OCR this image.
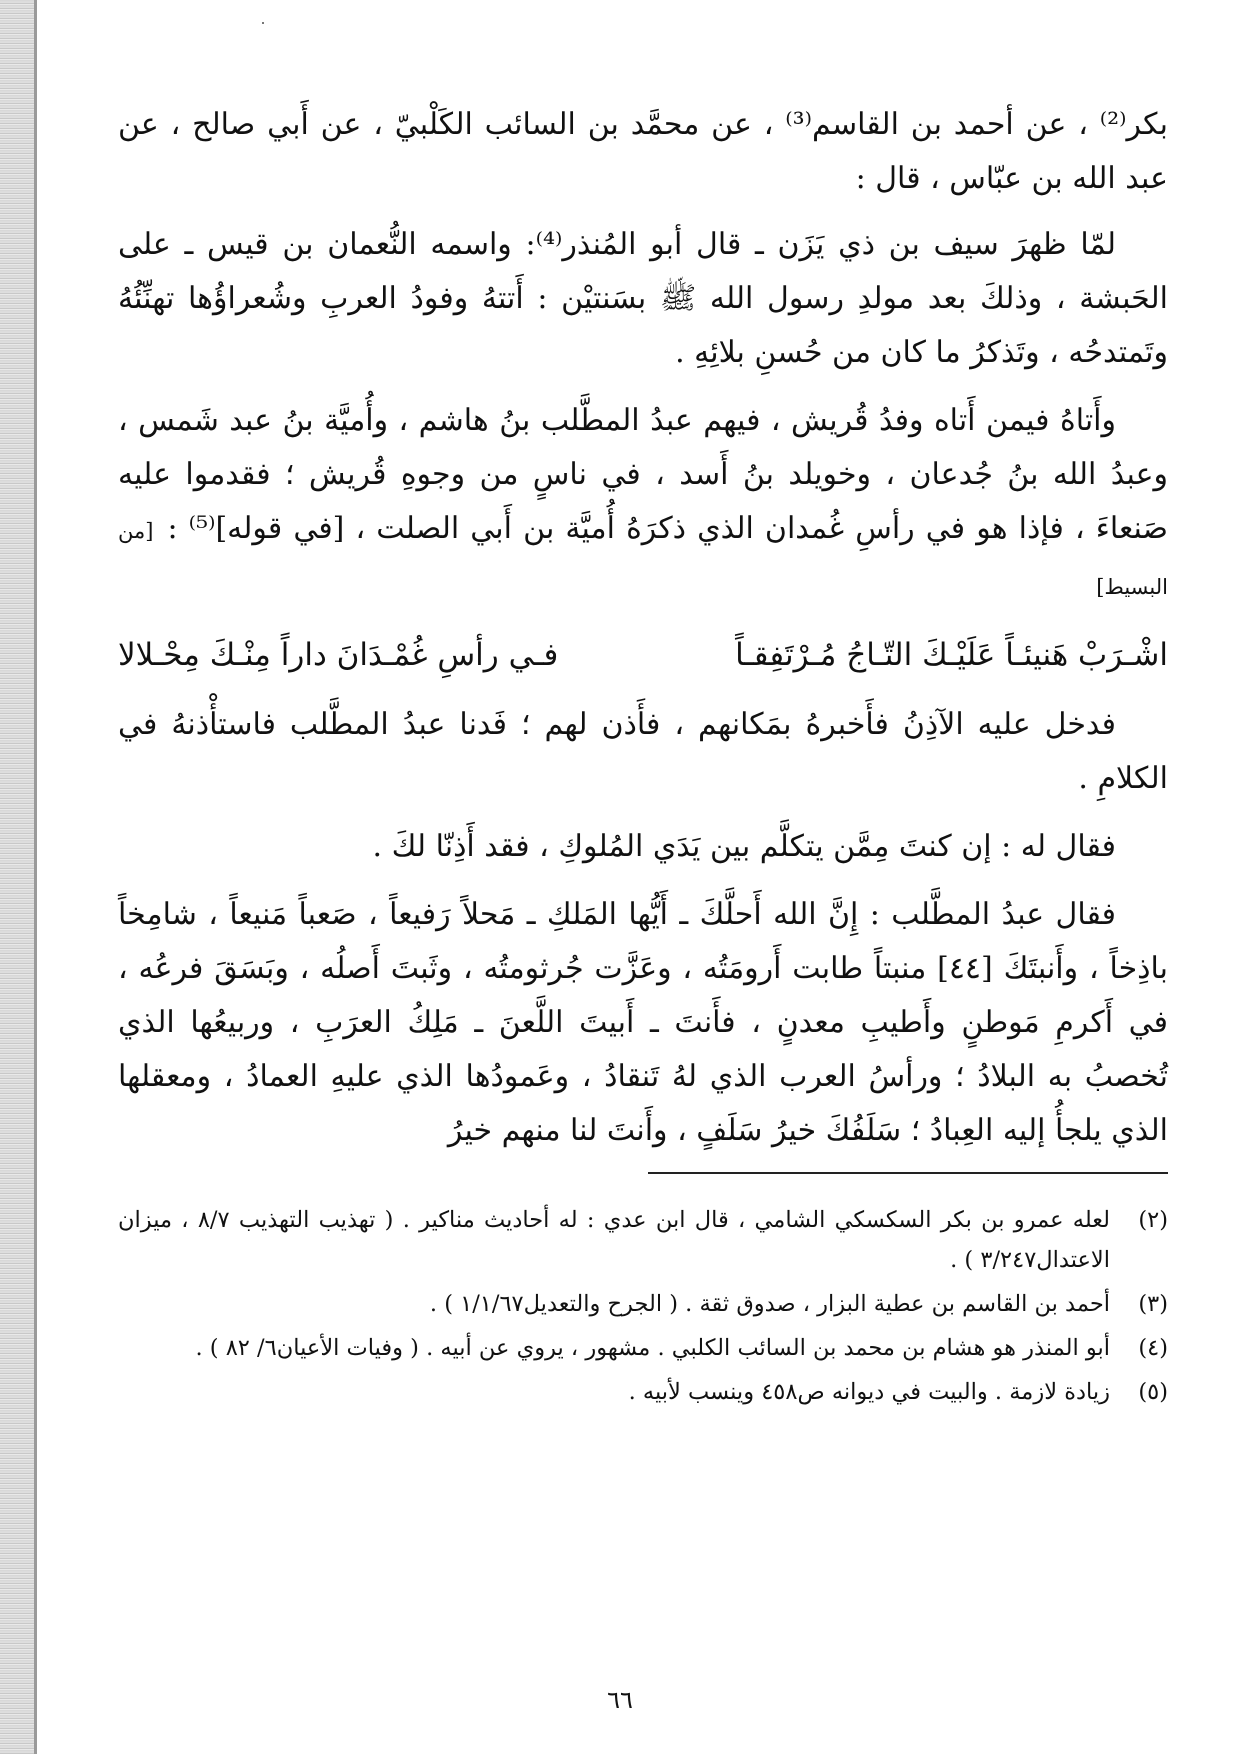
بكر⁽²⁾ ، عن أحمد بن القاسم⁽³⁾ ، عن محمَّد بن السائب الكَلْبيّ ، عن أَبي صالح ، عن عبد الله بن عبّاس ، قال :

لمّا ظهرَ سيف بن ذي يَزَن ـ قال أبو المُنذر⁽⁴⁾: واسمه النُّعمان بن قيس ـ على الحَبشة ، وذلكَ بعد مولدِ رسول الله ﷺ بسَنتيْن : أَتتهُ وفودُ العربِ وشُعراؤُها تهنِّئُهُ وتَمتدحُه ، وتَذكرُ ما كان من حُسنِ بلائِهِ .

وأَتاهُ فيمن أَتاه وفدُ قُريش ، فيهم عبدُ المطَّلب بنُ هاشم ، وأُميَّة بنُ عبد شَمس ، وعبدُ الله بنُ جُدعان ، وخويلد بنُ أَسد ، في ناسٍ من وجوهِ قُريش ؛ فقدموا عليه صَنعاءَ ، فإذا هو في رأسِ غُمدان الذي ذكرَهُ أُميَّة بن أَبي الصلت ، [في قوله]⁽⁵⁾ :[من البسيط]

اشْـرَبْ هَنيئـاً عَلَيْـكَ التّـاجُ مُـرْتَفِقـاً
فـي رأسِ غُمْـدَانَ داراً مِنْـكَ مِحْـلالا

فدخل عليه الآذِنُ فأَخبرهُ بمَكانهم ، فأَذن لهم ؛ فَدنا عبدُ المطَّلب فاستأْذنهُ في الكلامِ .

فقال له : إن كنتَ مِمَّن يتكلَّم بين يَدَي المُلوكِ ، فقد أَذِنّا لكَ .

فقال عبدُ المطَّلب : إِنَّ الله أَحلَّكَ ـ أَيُّها المَلكِ ـ مَحلاً رَفيعاً ، صَعباً مَنيعاً ، شامِخاً باذِخاً ، وأَنبتَكَ [٤٤] منبتاً طابت أَرومَتُه ، وعَزَّت جُرثومتُه ، وثَبتَ أَصلُه ، وبَسَقَ فرعُه ، في أَكرمِ مَوطنٍ وأَطيبِ معدنٍ ، فأَنتَ ـ أَبيتَ اللَّعنَ ـ مَلِكُ العرَبِ ، وربيعُها الذي تُخصبُ به البلادُ ؛ ورأسُ العرب الذي لهُ تَنقادُ ، وعَمودُها الذي عليهِ العمادُ ، ومعقلها الذي يلجأُ إليه العِبادُ ؛ سَلَفُكَ خيرُ سَلَفٍ ، وأَنتَ لنا منهم خيرُ

(٢)
لعله عمرو بن بكر السكسكي الشامي ، قال ابن عدي : له أحاديث مناكير . ( تهذيب التهذيب ٨/٧ ، ميزان الاعتدال٣/٢٤٧ ) .
(٣)
أحمد بن القاسم بن عطية البزار ، صدوق ثقة . ( الجرح والتعديل١/١/٦٧ ) .
(٤)
أبو المنذر هو هشام بن محمد بن السائب الكلبي . مشهور ، يروي عن أبيه . ( وفيات الأعيان٦/ ٨٢ ) .
(٥)
زيادة لازمة . والبيت في ديوانه ص٤٥٨ وينسب لأبيه .
٦٦
